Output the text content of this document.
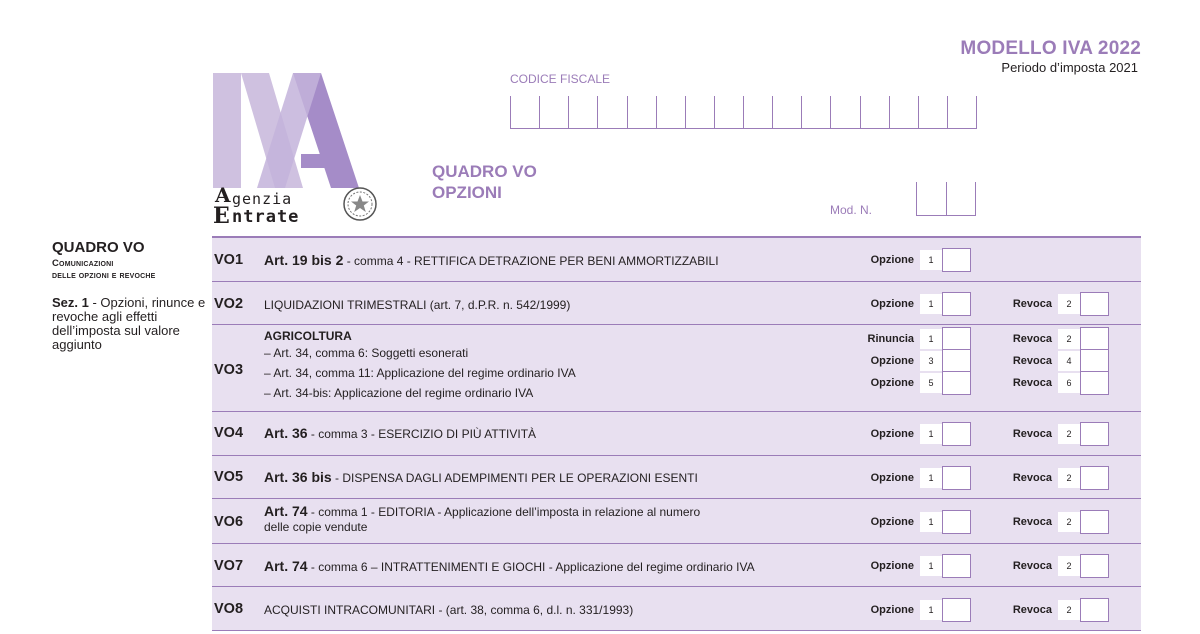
MODELLO IVA 2022
Periodo d’imposta 2021
A
E
genzia
ntrate
CODICE FISCALE
QUADRO VO
OPZIONI
Mod. N.
QUADRO VO
Comunicazioni
delle opzioni e revoche
Sez. 1 - Opzioni, rinunce e revoche agli effetti dell’imposta sul valore aggiunto
VO1 Art. 19 bis 2 - comma 4 - RETTIFICA DETRAZIONE PER BENI AMMORTIZZABILI	Opzione	1
VO2 LIQUIDAZIONI TRIMESTRALI (art. 7, d.P.R. n. 542/1999)	Opzione	1	Revoca	2
VO3
AGRICOLTURA
– Art. 34, comma 6: Soggetti esonerati
– Art. 34, comma 11: Applicazione del regime ordinario IVA
– Art. 34-bis: Applicazione del regime ordinario IVA
Rinuncia	1	Revoca	2
Opzione	3	Revoca	4
Opzione	5	Revoca	6
VO4 Art. 36 - comma 3 - ESERCIZIO DI PIÙ ATTIVITÀ	Opzione	1	Revoca	2
VO5 Art. 36 bis - DISPENSA DAGLI ADEMPIMENTI PER LE OPERAZIONI ESENTI	Opzione	1	Revoca	2
VO6
Art. 74 - comma 1 - EDITORIA - Applicazione dell’imposta in relazione al numero
delle copie vendute	Opzione	1	Revoca	2
VO7 Art. 74 - comma 6 – INTRATTENIMENTI E GIOCHI - Applicazione del regime ordinario IVA	Opzione	1	Revoca	2
VO8 ACQUISTI INTRACOMUNITARI - (art. 38, comma 6, d.l. n. 331/1993)	Opzione	1	Revoca	2
